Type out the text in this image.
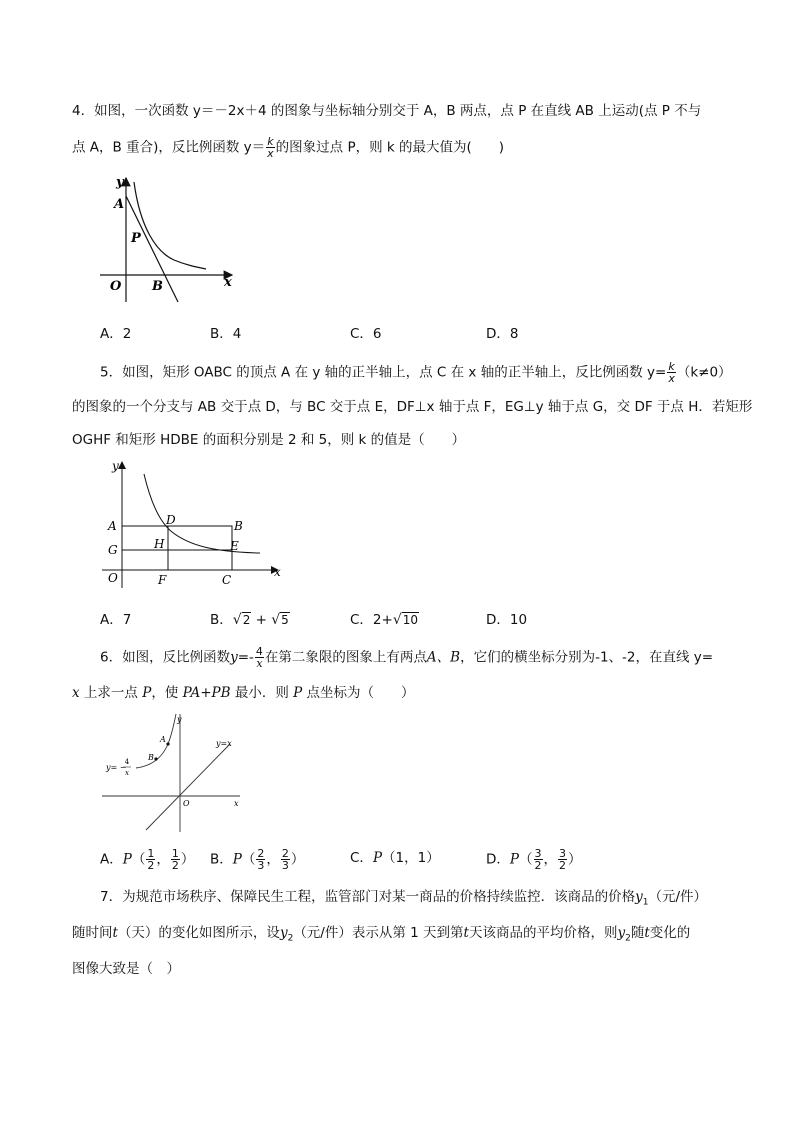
4．如图，一次函数 y＝－2x＋4 的图象与坐标轴分别交于 A，B 两点，点 P 在直线 AB 上运动(点 P 不与
点 A，B 重合)，反比例函数 $y= \frac{k}{x}$ 的图象过点 P，则 k 的最大值为(　　)
y
A
P
O B	x
A．2	B．4	C．6	D．8
5．如图，矩形 OABC 的顶点 A 在 y 轴的正半轴上，点 C 在 x 轴的正半轴上，反比例函数 $y= \frac{k}{x} (k\ne 0)$
的图象的一个分支与 AB 交于点 D，与 BC 交于点 E，DF⊥x 轴于点 F，EG⊥y 轴于点 G，交 DF 于点 H．若矩形
OGHF 和矩形 HDBE 的面积分别是 2 和 5，则 k 的值是（　　）
y
A	D	B
G	H	E
O	F	C
x
A．7	B． √ 2 + √ 5	C．2+ √ 10	D．10
6．如图，反比例函数$y=- \frac{4}{x}$ 在第二象限的图象上有两点A、B，它们的横坐标分别为-1、-2，在直线 y=
x 上求一点 P，使 PA+PB 最小．则 P 点坐标为（　　）
y
y=x
A
B
y= −
4
x
O	x
A．$P( \frac{1}{2}$ ， $\frac{1}{2}$ ） B．$P( \frac{2}{3}$ ， $\frac{2}{3}$ ）	C．P（1，1）	D．$P( \frac{3}{2}$ ， $\frac{3}{2}$ ）
7．为规范市场秩序、保障民生工程，监管部门对某一商品的价格持续监控．该商品的价格$y_1$（元/件）
随时间t（天）的变化如图所示，设$y_2$（元/件）表示从第 1 天到第t天该商品的平均价格，则$y_2$随t变化的
图像大致是（　）
